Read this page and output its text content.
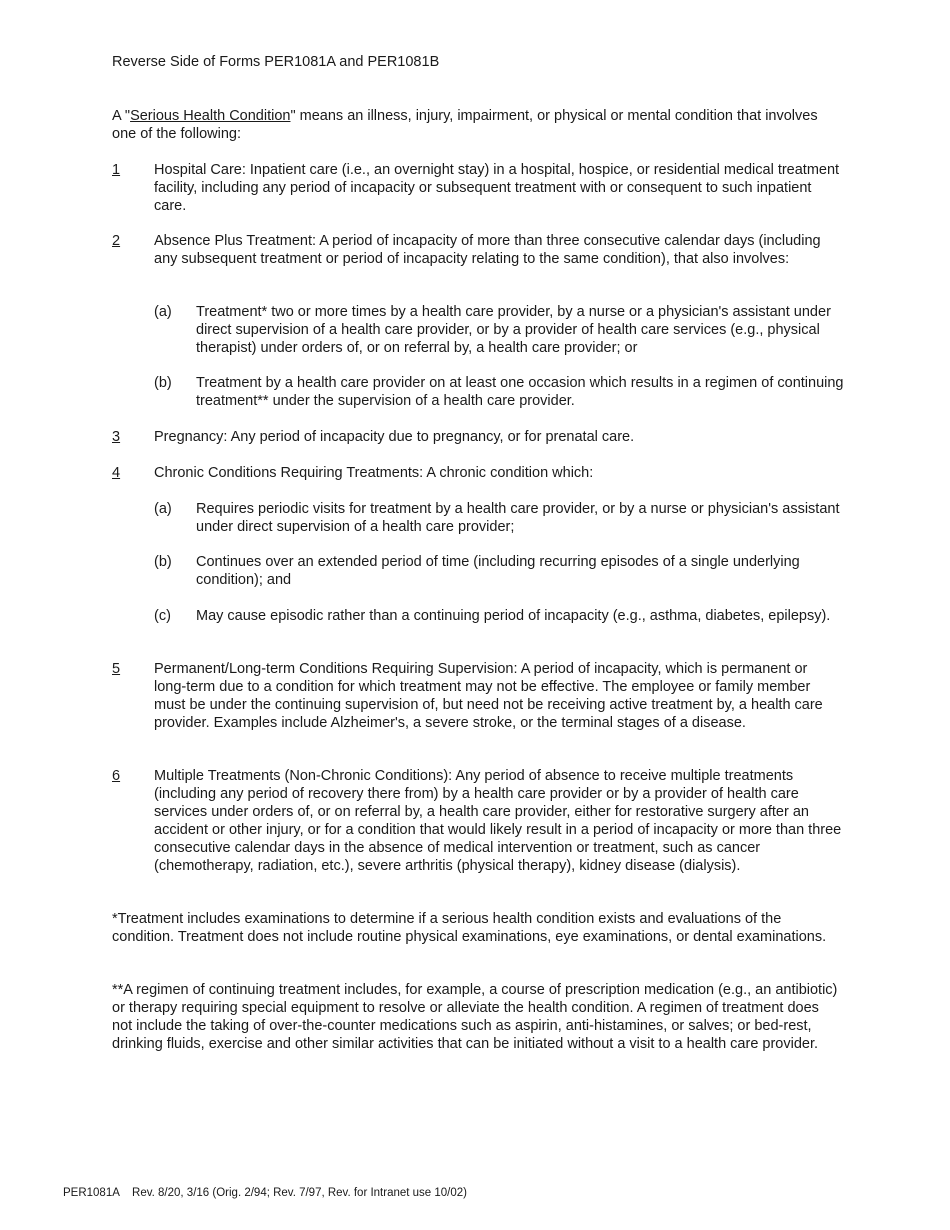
Reverse Side of Forms PER1081A and PER1081B
A "Serious Health Condition" means an illness, injury, impairment, or physical or mental condition that involves one of the following:
1 Hospital Care: Inpatient care (i.e., an overnight stay) in a hospital, hospice, or residential medical treatment facility, including any period of incapacity or subsequent treatment with or consequent to such inpatient care.
2 Absence Plus Treatment: A period of incapacity of more than three consecutive calendar days (including any subsequent treatment or period of incapacity relating to the same condition), that also involves:
(a) Treatment* two or more times by a health care provider, by a nurse or a physician's assistant under direct supervision of a health care provider, or by a provider of health care services (e.g., physical therapist) under orders of, or on referral by, a health care provider; or
(b) Treatment by a health care provider on at least one occasion which results in a regimen of continuing treatment** under the supervision of a health care provider.
3 Pregnancy: Any period of incapacity due to pregnancy, or for prenatal care.
4 Chronic Conditions Requiring Treatments: A chronic condition which:
(a) Requires periodic visits for treatment by a health care provider, or by a nurse or physician's assistant under direct supervision of a health care provider;
(b) Continues over an extended period of time (including recurring episodes of a single underlying condition); and
(c) May cause episodic rather than a continuing period of incapacity (e.g., asthma, diabetes, epilepsy).
5 Permanent/Long-term Conditions Requiring Supervision: A period of incapacity, which is permanent or long-term due to a condition for which treatment may not be effective. The employee or family member must be under the continuing supervision of, but need not be receiving active treatment by, a health care provider. Examples include Alzheimer's, a severe stroke, or the terminal stages of a disease.
6 Multiple Treatments (Non-Chronic Conditions): Any period of absence to receive multiple treatments (including any period of recovery there from) by a health care provider or by a provider of health care services under orders of, or on referral by, a health care provider, either for restorative surgery after an accident or other injury, or for a condition that would likely result in a period of incapacity or more than three consecutive calendar days in the absence of medical intervention or treatment, such as cancer (chemotherapy, radiation, etc.), severe arthritis (physical therapy), kidney disease (dialysis).
*Treatment includes examinations to determine if a serious health condition exists and evaluations of the condition. Treatment does not include routine physical examinations, eye examinations, or dental examinations.
**A regimen of continuing treatment includes, for example, a course of prescription medication (e.g., an antibiotic) or therapy requiring special equipment to resolve or alleviate the health condition. A regimen of treatment does not include the taking of over-the-counter medications such as aspirin, anti-histamines, or salves; or bed-rest, drinking fluids, exercise and other similar activities that can be initiated without a visit to a health care provider.
PER1081A Rev. 8/20, 3/16 (Orig. 2/94; Rev. 7/97, Rev. for Intranet use 10/02)
